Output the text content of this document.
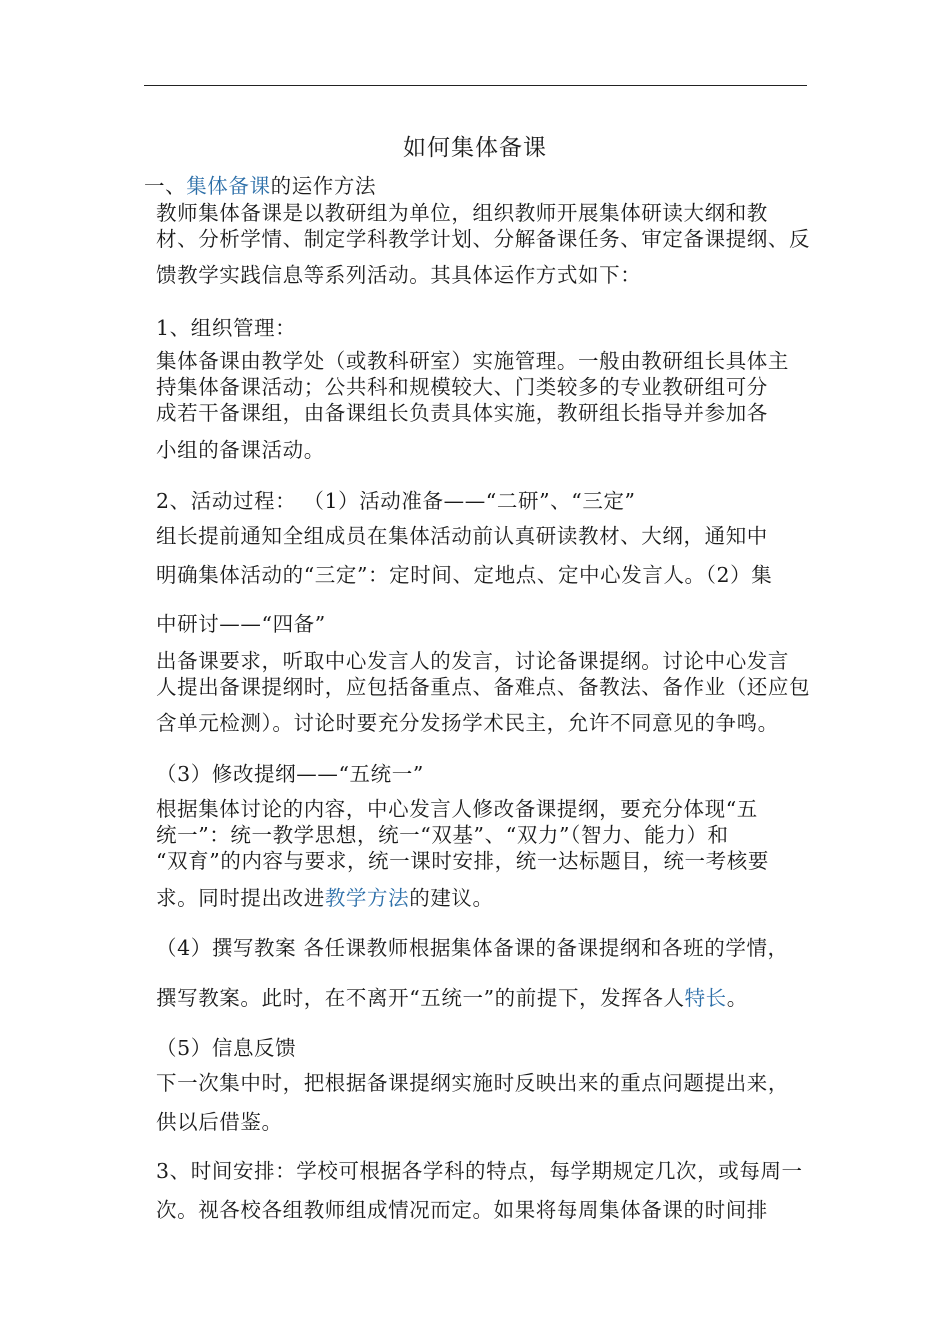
如何集体备课
一、集体备课的运作方法
教师集体备课是以教研组为单位，组织教师开展集体研读大纲和教
材、分析学情、制定学科教学计划、分解备课任务、审定备课提纲、反
馈教学实践信息等系列活动。其具体运作方式如下：
1、组织管理：
集体备课由教学处（或教科研室）实施管理。一般由教研组长具体主
持集体备课活动；公共科和规模较大、门类较多的专业教研组可分
成若干备课组，由备课组长负责具体实施，教研组长指导并参加各
小组的备课活动。
2、活动过程： （1）活动准备——“二研”、“三定”
组长提前通知全组成员在集体活动前认真研读教材、大纲，通知中
明确集体活动的“三定”：定时间、定地点、定中心发言人。（2）集
中研讨——“四备”
出备课要求，听取中心发言人的发言，讨论备课提纲。讨论中心发言
人提出备课提纲时，应包括备重点、备难点、备教法、备作业（还应包
含单元检测）。讨论时要充分发扬学术民主，允许不同意见的争鸣。
（3）修改提纲——“五统一”
根据集体讨论的内容，中心发言人修改备课提纲，要充分体现“五
统一”：统一教学思想，统一“双基”、“双力”（智力、能力）和
“双育”的内容与要求，统一课时安排，统一达标题目，统一考核要
求。同时提出改进教学方法的建议。
（4）撰写教案 各任课教师根据集体备课的备课提纲和各班的学情，
撰写教案。此时，在不离开“五统一”的前提下，发挥各人特长。
（5）信息反馈
下一次集中时，把根据备课提纲实施时反映出来的重点问题提出来，
供以后借鉴。
3、时间安排：学校可根据各学科的特点，每学期规定几次，或每周一
次。视各校各组教师组成情况而定。如果将每周集体备课的时间排
